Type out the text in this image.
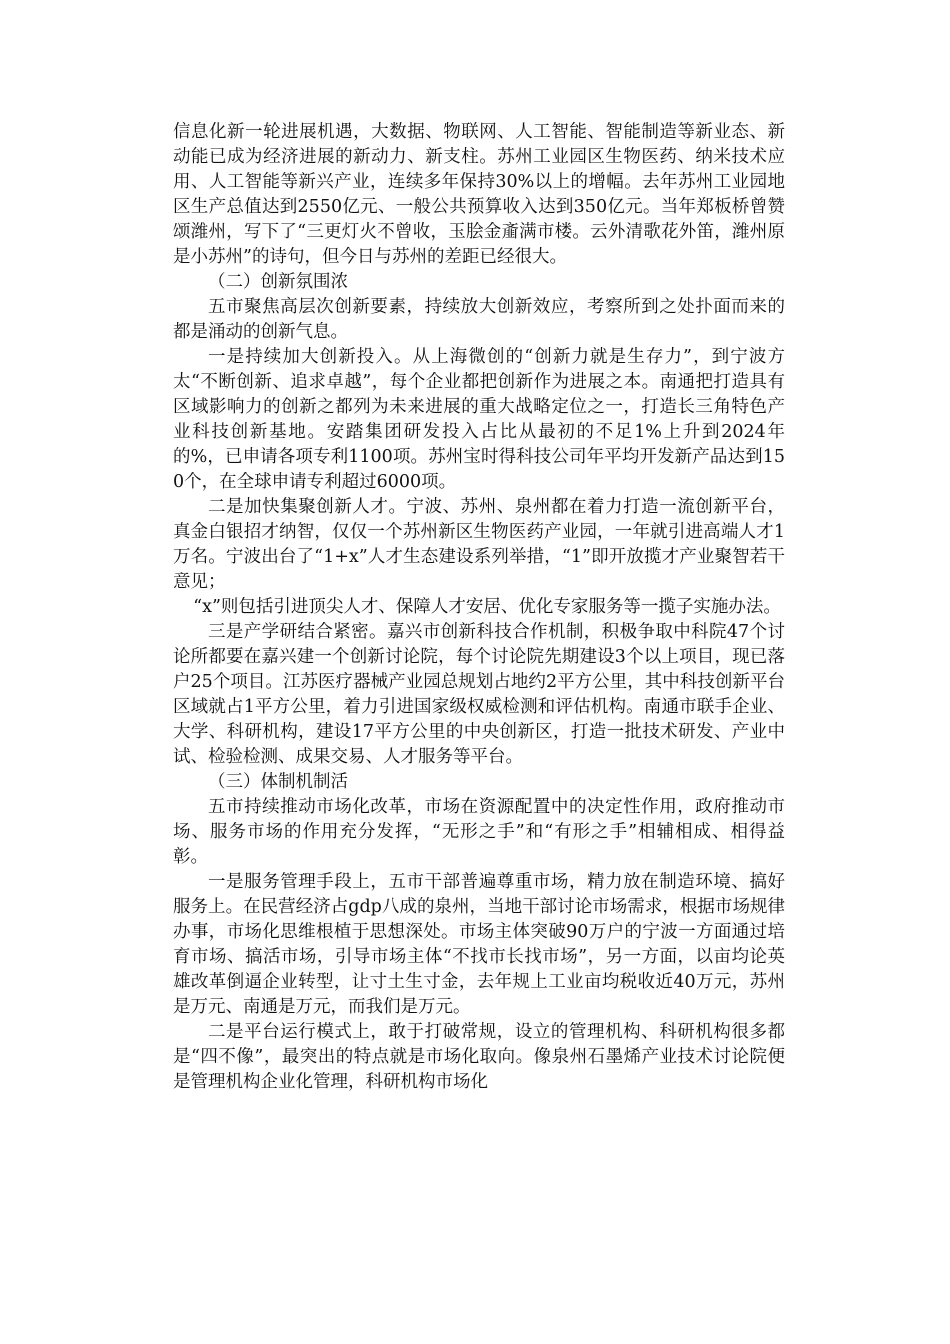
信息化新一轮进展机遇，大数据、物联网、人工智能、智能制造等新业态、新动能已成为经济进展的新动力、新支柱。苏州工业园区生物医药、纳米技术应用、人工智能等新兴产业，连续多年保持30%以上的增幅。去年苏州工业园地区生产总值达到2550亿元、一般公共预算收入达到350亿元。当年郑板桥曾赞颂潍州，写下了“三更灯火不曾收，玉脍金齑满市楼。云外清歌花外笛，潍州原是小苏州”的诗句，但今日与苏州的差距已经很大。

（二）创新氛围浓

五市聚焦高层次创新要素，持续放大创新效应，考察所到之处扑面而来的都是涌动的创新气息。

一是持续加大创新投入。从上海微创的“创新力就是生存力”，到宁波方太“不断创新、追求卓越”，每个企业都把创新作为进展之本。南通把打造具有区域影响力的创新之都列为未来进展的重大战略定位之一，打造长三角特色产业科技创新基地。安踏集团研发投入占比从最初的不足1%上升到2024年的%，已申请各项专利1100项。苏州宝时得科技公司年平均开发新产品达到150个，在全球申请专利超过6000项。

二是加快集聚创新人才。宁波、苏州、泉州都在着力打造一流创新平台，真金白银招才纳智，仅仅一个苏州新区生物医药产业园，一年就引进高端人才1万名。宁波出台了“1+x”人才生态建设系列举措，“1”即开放揽才产业聚智若干意见；

“x”则包括引进顶尖人才、保障人才安居、优化专家服务等一揽子实施办法。

三是产学研结合紧密。嘉兴市创新科技合作机制，积极争取中科院47个讨论所都要在嘉兴建一个创新讨论院，每个讨论院先期建设3个以上项目，现已落户25个项目。江苏医疗器械产业园总规划占地约2平方公里，其中科技创新平台区域就占1平方公里，着力引进国家级权威检测和评估机构。南通市联手企业、大学、科研机构，建设17平方公里的中央创新区，打造一批技术研发、产业中试、检验检测、成果交易、人才服务等平台。

（三）体制机制活

五市持续推动市场化改革，市场在资源配置中的决定性作用，政府推动市场、服务市场的作用充分发挥，“无形之手”和“有形之手”相辅相成、相得益彰。

一是服务管理手段上，五市干部普遍尊重市场，精力放在制造环境、搞好服务上。在民营经济占gdp八成的泉州，当地干部讨论市场需求，根据市场规律办事，市场化思维根植于思想深处。市场主体突破90万户的宁波一方面通过培育市场、搞活市场，引导市场主体“不找市长找市场”，另一方面，以亩均论英雄改革倒逼企业转型，让寸土生寸金，去年规上工业亩均税收近40万元，苏州是万元、南通是万元，而我们是万元。

二是平台运行模式上，敢于打破常规，设立的管理机构、科研机构很多都是“四不像”，最突出的特点就是市场化取向。像泉州石墨烯产业技术讨论院便是管理机构企业化管理，科研机构市场化
